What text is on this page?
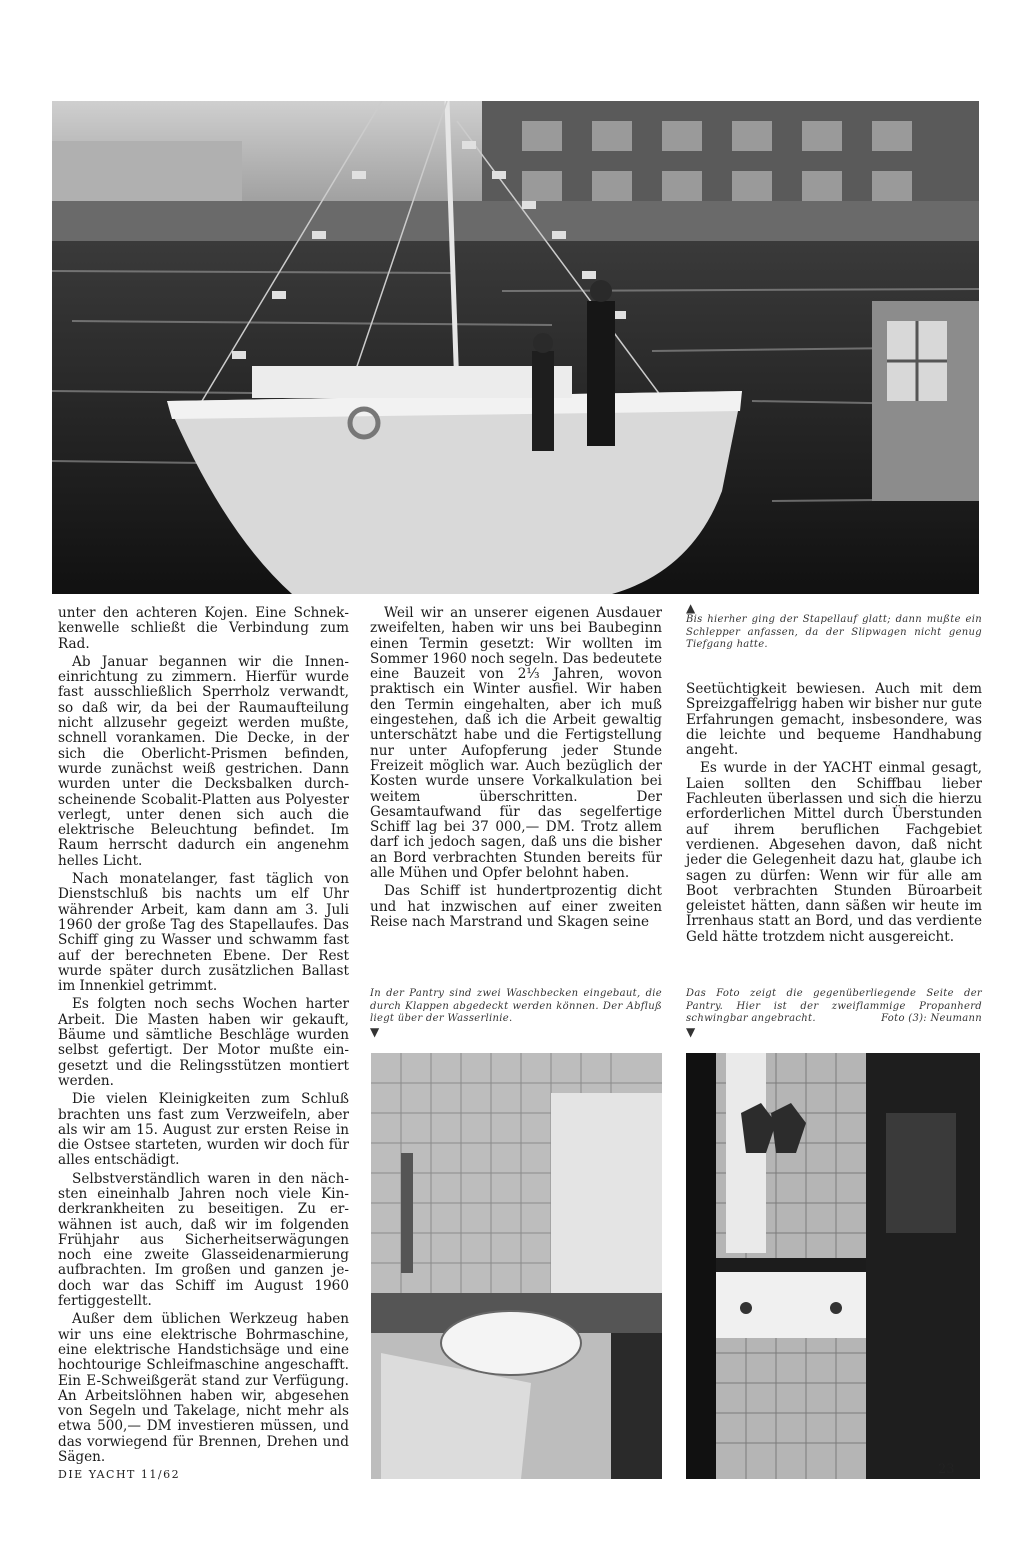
unter den achteren Kojen. Eine Schnekkenwelle schließt die Verbindung zum Rad.

Ab Januar begannen wir die Inneneinrichtung zu zimmern. Hierfür wurde fast ausschließlich Sperrholz verwandt, so daß wir, da bei der Raumaufteilung nicht allzusehr gegeizt werden mußte, schnell vorankamen. Die Decke, in der sich die Oberlicht-Prismen befinden, wurde zunächst weiß gestrichen. Dann wurden unter die Decksbalken durchscheinende Scobalit-Platten aus Polyester verlegt, unter denen sich auch die elektrische Beleuchtung befindet. Im Raum herrscht dadurch ein angenehm helles Licht.

Nach monatelanger, fast täglich von Dienstschluß bis nachts um elf Uhr währender Arbeit, kam dann am 3. Juli 1960 der große Tag des Stapellaufes. Das Schiff ging zu Wasser und schwamm fast auf der berechneten Ebene. Der Rest wurde später durch zusätzlichen Ballast im Innenkiel getrimmt.

Es folgten noch sechs Wochen harter Arbeit. Die Masten haben wir gekauft, Bäume und sämtliche Beschläge wurden selbst gefertigt. Der Motor mußte eingesetzt und die Relingsstützen montiert werden.

Die vielen Kleinigkeiten zum Schluß brachten uns fast zum Verzweifeln, aber als wir am 15. August zur ersten Reise in die Ostsee starteten, wurden wir doch für alles entschädigt.

Selbstverständlich waren in den nächsten eineinhalb Jahren noch viele Kinderkrankheiten zu beseitigen. Zu erwähnen ist auch, daß wir im folgenden Frühjahr aus Sicherheitserwägungen noch eine zweite Glasseidenarmierung aufbrachten. Im großen und ganzen jedoch war das Schiff im August 1960 fertiggestellt.

Außer dem üblichen Werkzeug haben wir uns eine elektrische Bohrmaschine, eine elektrische Handstichsäge und eine hochtourige Schleifmaschine angeschafft. Ein E-Schweißgerät stand zur Verfügung. An Arbeitslöhnen haben wir, abgesehen von Segeln und Takelage, nicht mehr als etwa 500,— DM investieren müssen, und das vorwiegend für Brennen, Drehen und Sägen.

Weil wir an unserer eigenen Ausdauer zweifelten, haben wir uns bei Baubeginn einen Termin gesetzt: Wir wollten im Sommer 1960 noch segeln. Das bedeutete eine Bauzeit von 2⅓ Jahren, wovon praktisch ein Winter ausfiel. Wir haben den Termin eingehalten, aber ich muß eingestehen, daß ich die Arbeit gewaltig unterschätzt habe und die Fertigstellung nur unter Aufopferung jeder Stunde Freizeit möglich war. Auch bezüglich der Kosten wurde unsere Vorkalkulation bei weitem überschritten. Der Gesamtaufwand für das segelfertige Schiff lag bei 37 000,— DM. Trotz allem darf ich jedoch sagen, daß uns die bisher an Bord verbrachten Stunden bereits für alle Mühen und Opfer belohnt haben.

Das Schiff ist hundertprozentig dicht und hat inzwischen auf einer zweiten Reise nach Marstrand und Skagen seine

▲
Bis hierher ging der Stapellauf glatt; dann mußte ein Schlepper anfassen, da der Slipwagen nicht genug Tiefgang hatte.

Seetüchtigkeit bewiesen. Auch mit dem Spreizgaffelrigg haben wir bisher nur gute Erfahrungen gemacht, insbesondere, was die leichte und bequeme Handhabung angeht.

Es wurde in der YACHT einmal gesagt, Laien sollten den Schiffbau lieber Fachleuten überlassen und sich die hierzu erforderlichen Mittel durch Überstunden auf ihrem beruflichen Fachgebiet verdienen. Abgesehen davon, daß nicht jeder die Gelegenheit dazu hat, glaube ich sagen zu dürfen: Wenn wir für alle am Boot verbrachten Stunden Büroarbeit geleistet hätten, dann säßen wir heute im Irrenhaus statt an Bord, und das verdiente Geld hätte trotzdem nicht ausgereicht.

In der Pantry sind zwei Waschbecken eingebaut, die durch Klappen abgedeckt werden können. Der Abfluß liegt über der Wasserlinie.
▼
Das Foto zeigt die gegenüberliegende Seite der Pantry. Hier ist der zweiflammige Propanherd schwingbar angebracht.	Foto (3): Neumann
▼
DIE YACHT 11/62	23
